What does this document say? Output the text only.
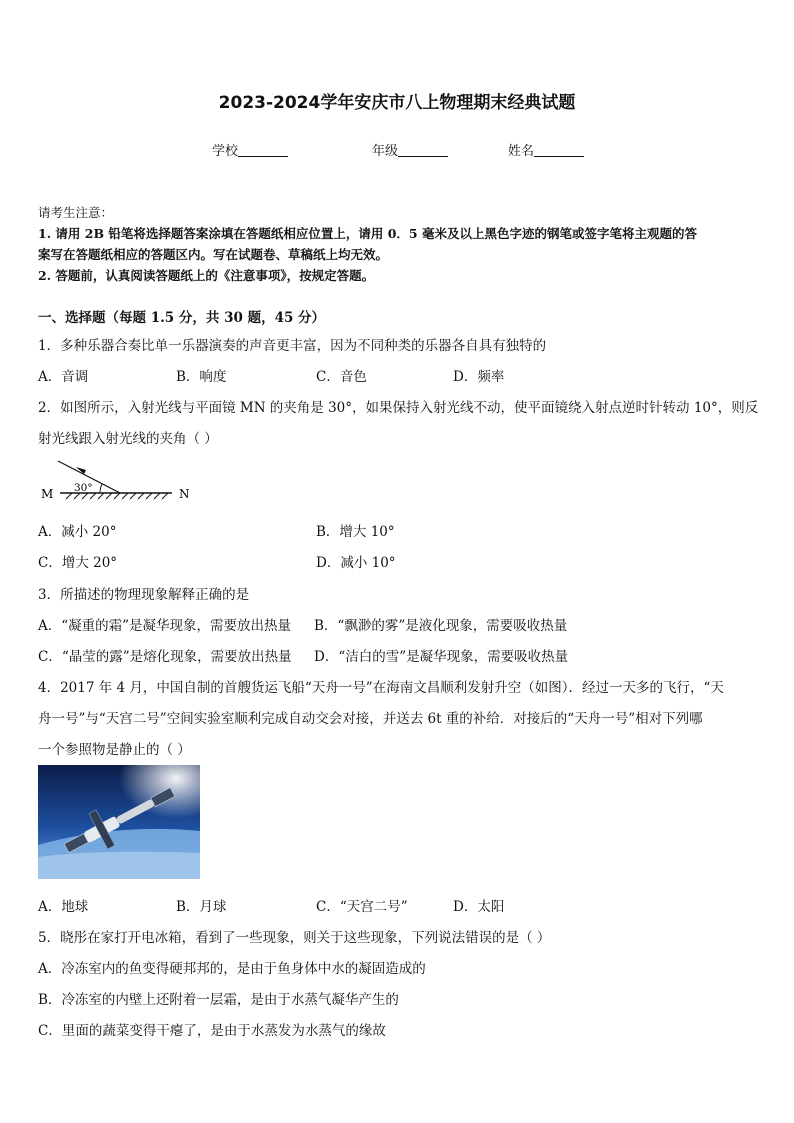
2023-2024学年安庆市八上物理期末经典试题
学校	年级	姓名
请考生注意：
1. 请用 2B 铅笔将选择题答案涂填在答题纸相应位置上，请用 0．5 毫米及以上黑色字迹的钢笔或签字笔将主观题的答
案写在答题纸相应的答题区内。写在试题卷、草稿纸上均无效。
2. 答题前，认真阅读答题纸上的《注意事项》，按规定答题。
一、选择题（每题 1.5 分，共 30 题，45 分）
1．多种乐器合奏比单一乐器演奏的声音更丰富，因为不同种类的乐器各自具有独特的
A．音调	B．响度	C．音色	D．频率
2．如图所示，入射光线与平面镜 MN 的夹角是 30°，如果保持入射光线不动，使平面镜绕入射点逆时针转动 10°，则反
射光线跟入射光线的夹角（ ）
M	N
30°
A．减小 20°	B．增大 10°
C．增大 20°	D．减小 10°
3．所描述的物理现象解释正确的是
A．“凝重的霜”是凝华现象，需要放出热量 B．“飘渺的雾”是液化现象，需要吸收热量
C．“晶莹的露”是熔化现象，需要放出热量 D．“洁白的雪”是凝华现象，需要吸收热量
4．2017 年 4 月，中国自制的首艘货运飞船“天舟一号”在海南文昌顺利发射升空（如图）．经过一天多的飞行，“天
舟一号”与“天宫二号”空间实验室顺利完成自动交会对接，并送去 6t 重的补给．对接后的“天舟一号”相对下列哪
一个参照物是静止的（ ）
A．地球	B．月球	C．“天宫二号”	D．太阳
5．晓彤在家打开电冰箱，看到了一些现象，则关于这些现象，下列说法错误的是（ ）
A．冷冻室内的鱼变得硬邦邦的，是由于鱼身体中水的凝固造成的
B．冷冻室的内壁上还附着一层霜，是由于水蒸气凝华产生的
C．里面的蔬菜变得干瘪了，是由于水蒸发为水蒸气的缘故
